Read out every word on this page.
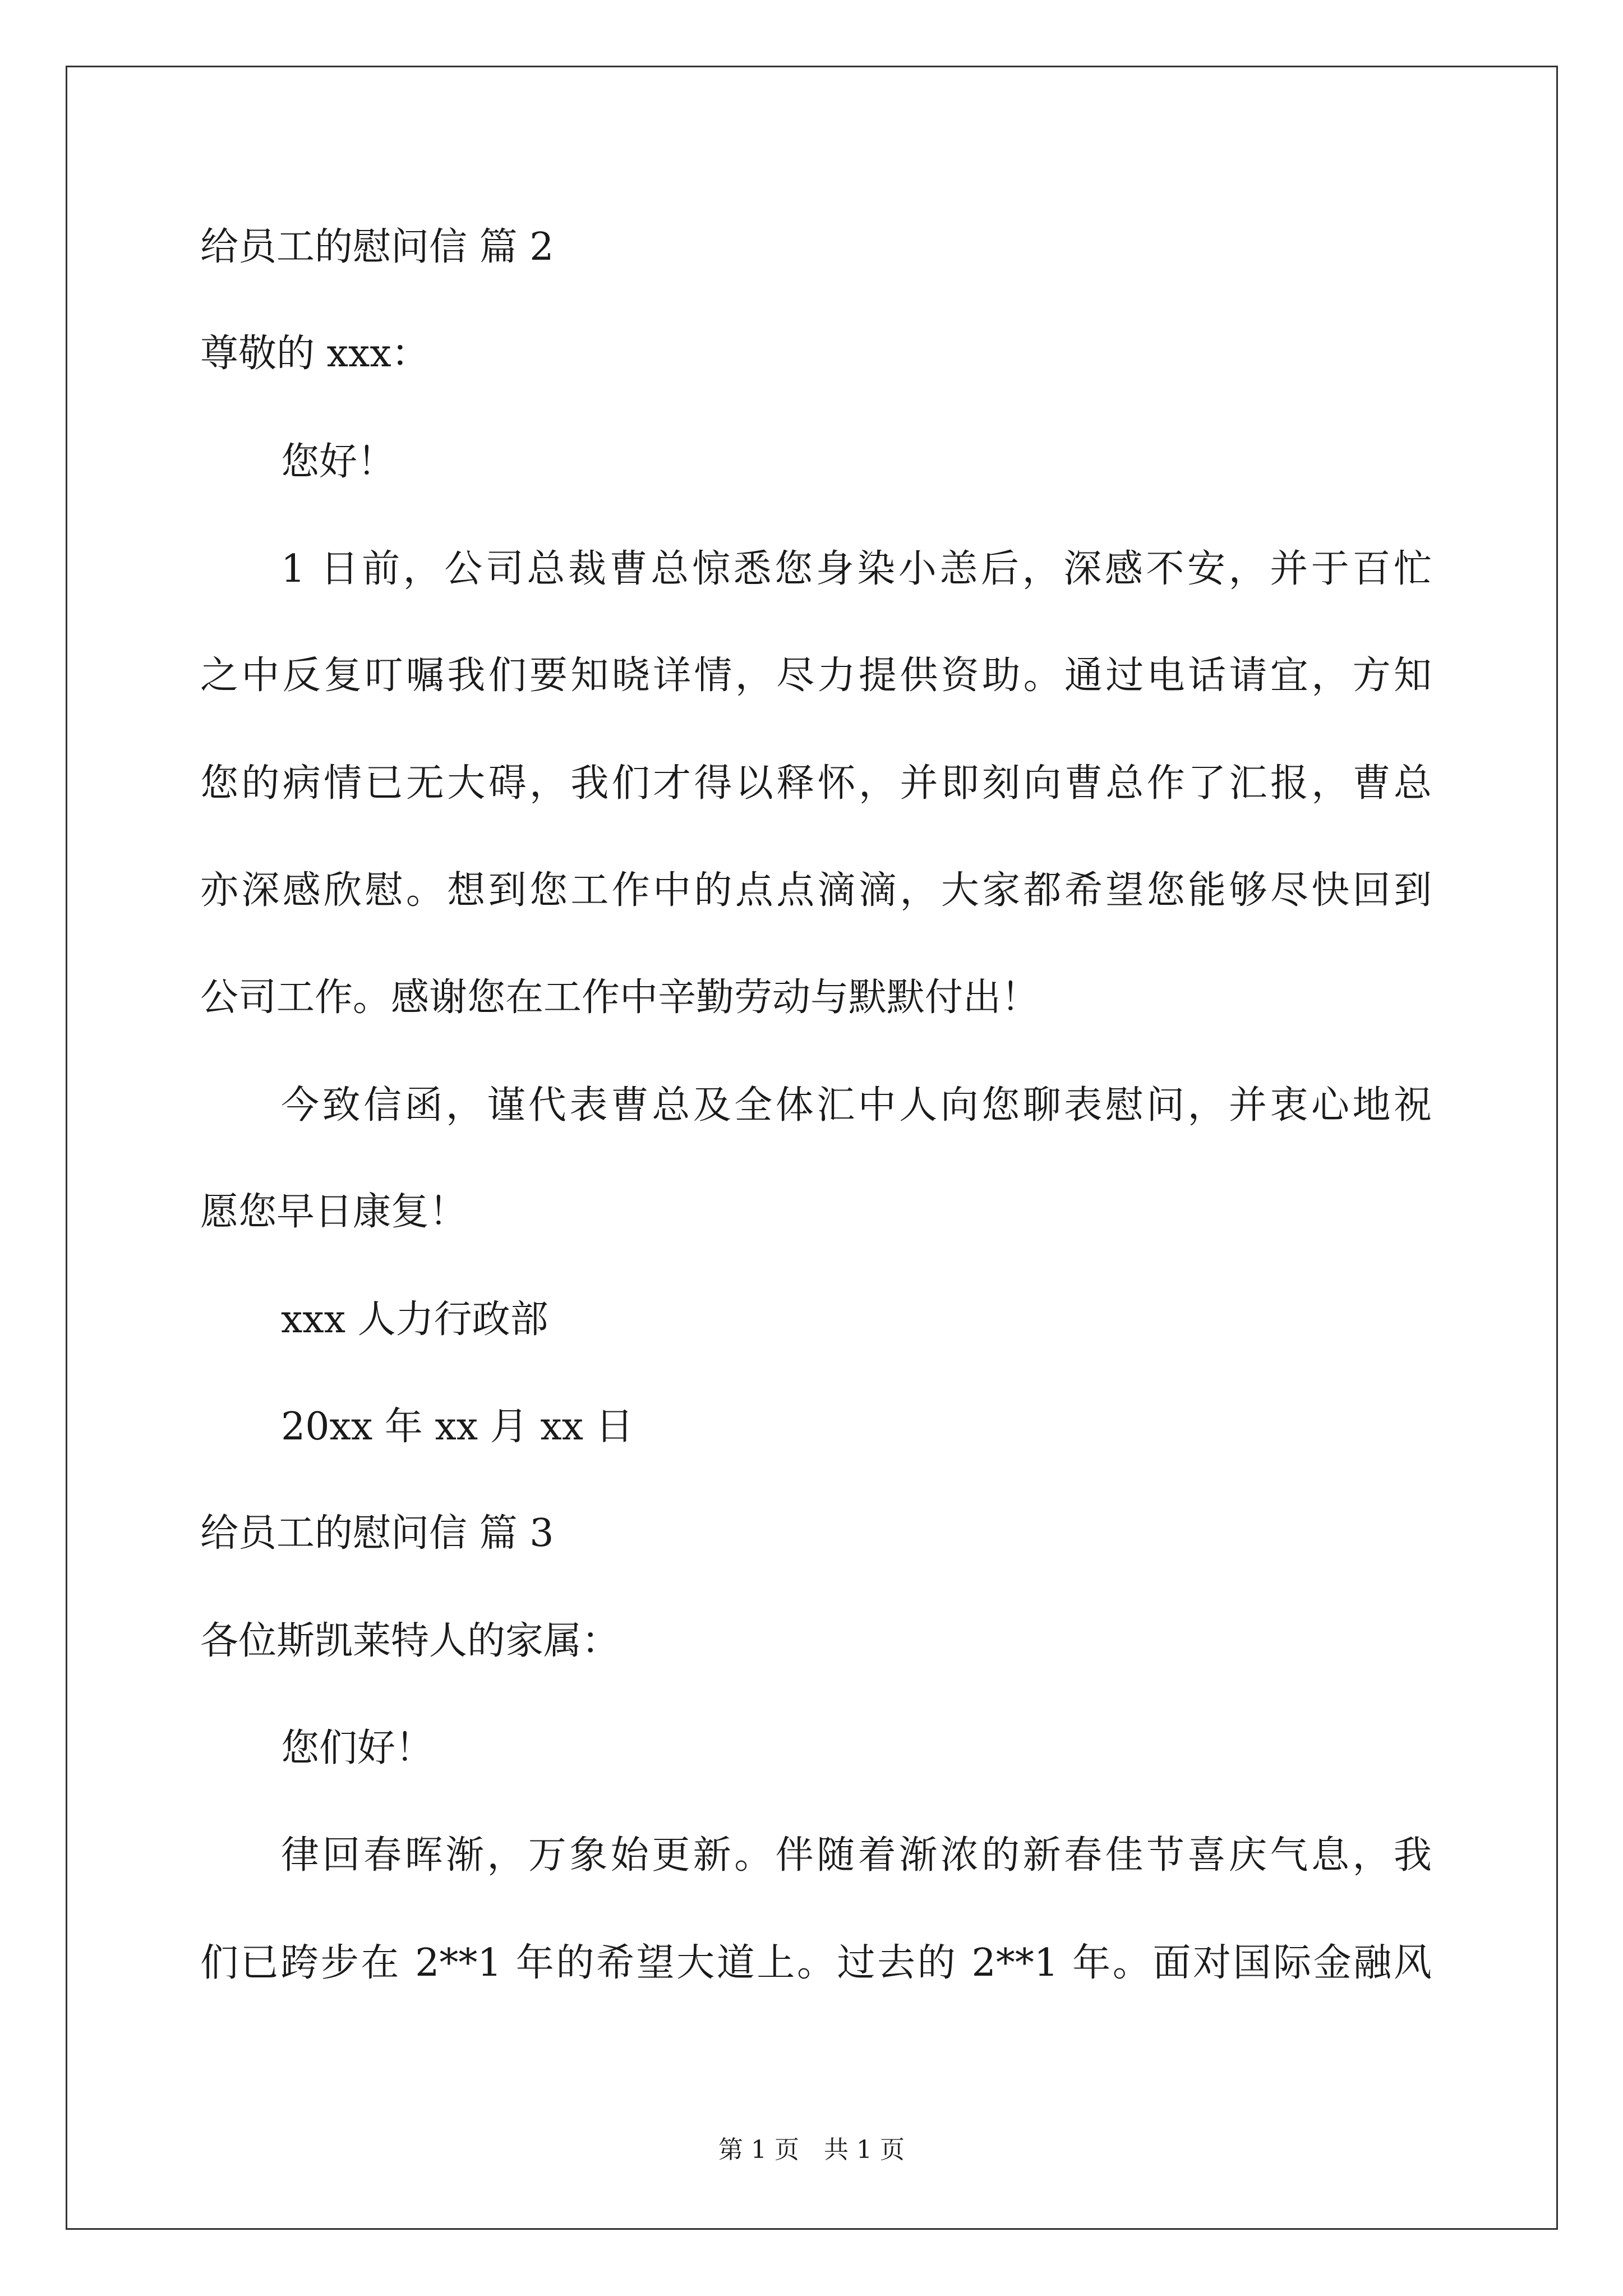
给员工的慰问信 篇 2
尊敬的 xxx：
您好！
1 日前，公司总裁曹总惊悉您身染小恙后，深感不安，并于百忙
之中反复叮嘱我们要知晓详情，尽力提供资助。通过电话请宜，方知
您的病情已无大碍，我们才得以释怀，并即刻向曹总作了汇报，曹总
亦深感欣慰。想到您工作中的点点滴滴，大家都希望您能够尽快回到
公司工作。感谢您在工作中辛勤劳动与默默付出！
今致信函，谨代表曹总及全体汇中人向您聊表慰问，并衷心地祝
愿您早日康复！
xxx 人力行政部
20xx 年 xx 月 xx 日
给员工的慰问信 篇 3
各位斯凯莱特人的家属：
您们好！
律回春晖渐，万象始更新。伴随着渐浓的新春佳节喜庆气息，我
们已跨步在 2**1 年的希望大道上。过去的 2**1 年。面对国际金融风
第 1 页 共 1 页
